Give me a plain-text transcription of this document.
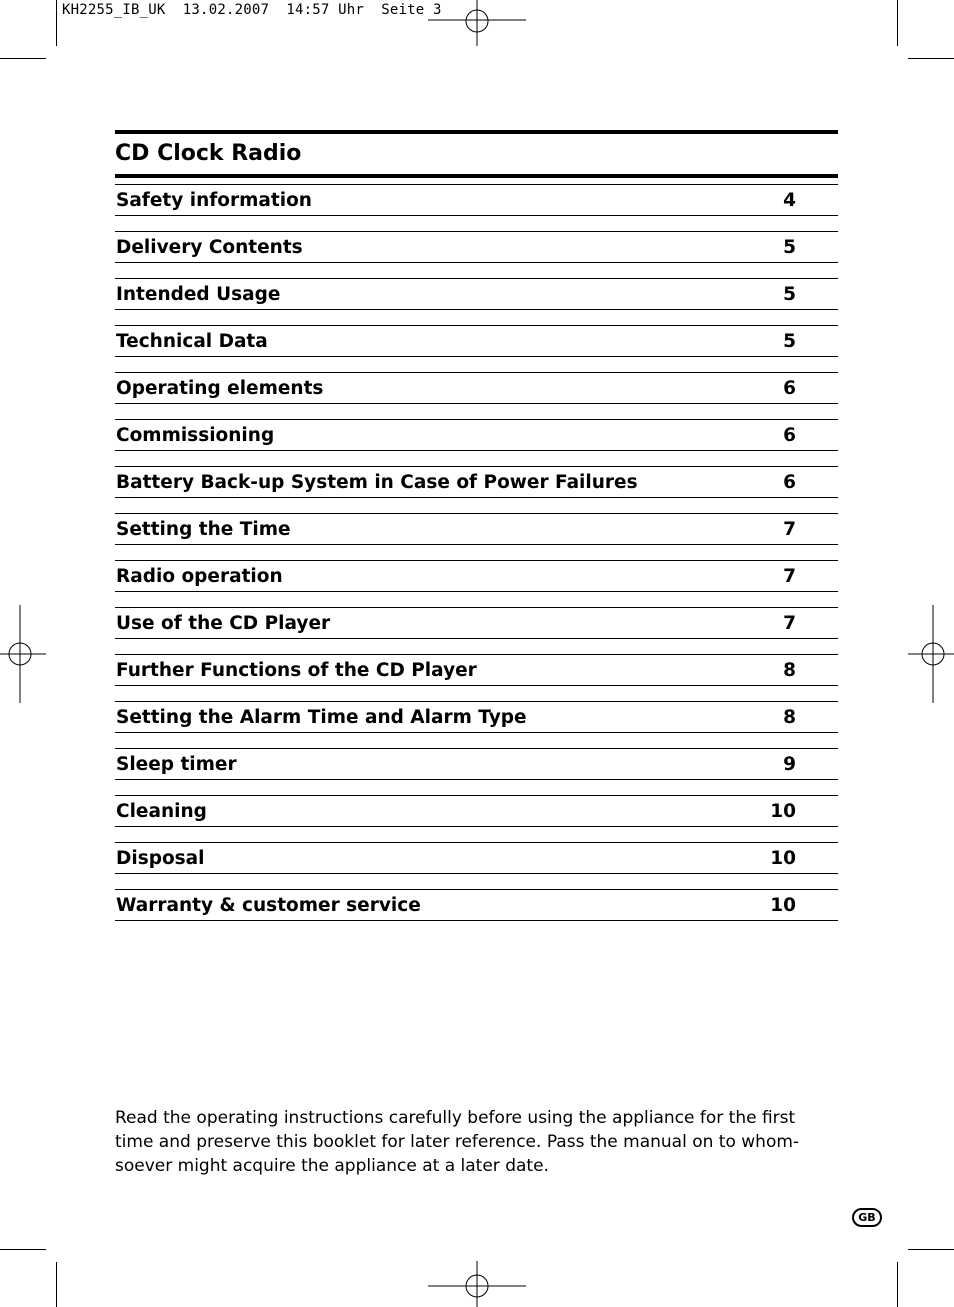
KH2255_IB_UK  13.02.2007  14:57 Uhr  Seite 3
CD Clock Radio
Safety information	4
Delivery Contents	5
Intended Usage	5
Technical Data	5
Operating elements	6
Commissioning	6
Battery Back-up System in Case of Power Failures	6
Setting the Time	7
Radio operation	7
Use of the CD Player	7
Further Functions of the CD Player	8
Setting the Alarm Time and Alarm Type	8
Sleep timer	9
Cleaning	10
Disposal	10
Warranty & customer service	10
Read the operating instructions carefully before using the appliance for the first time and preserve this booklet for later reference. Pass the manual on to whom-soever might acquire the appliance at a later date.
GB
